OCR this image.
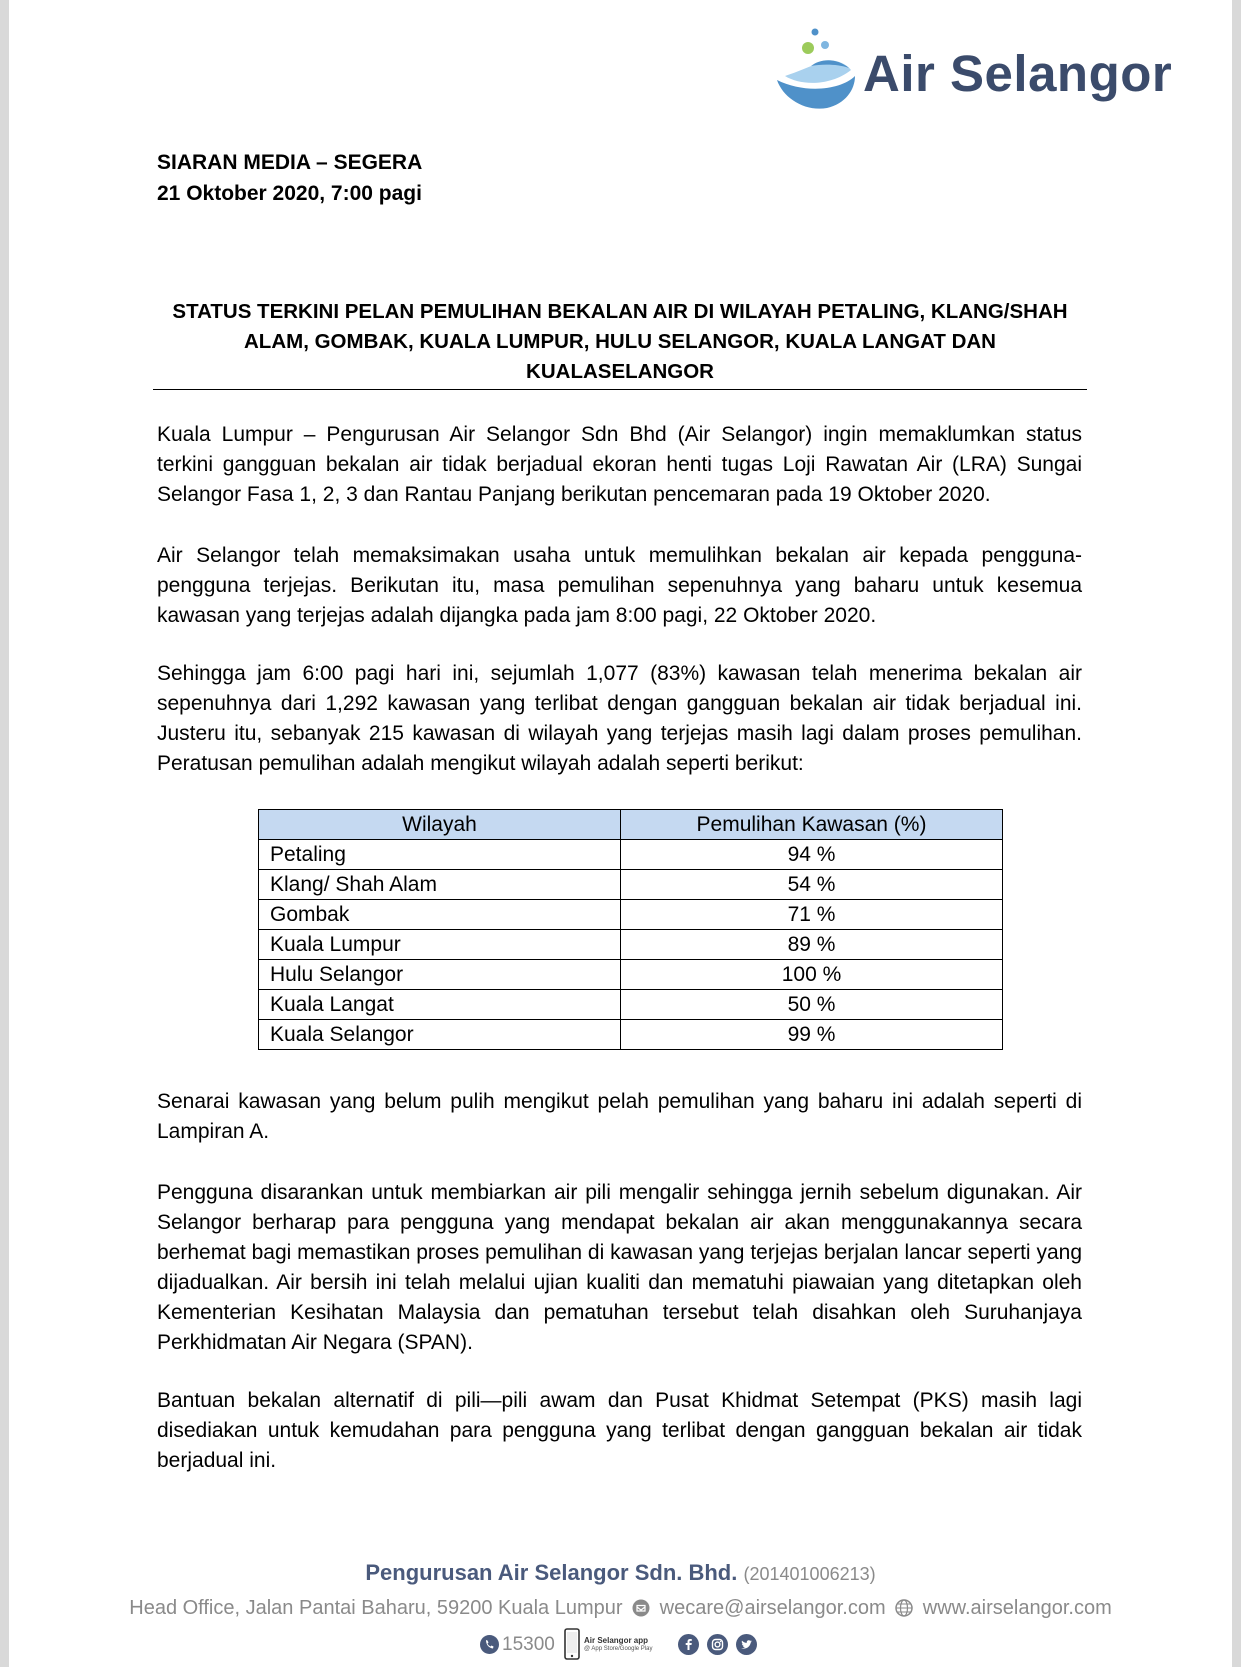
Air Selangor
SIARAN MEDIA – SEGERA
21 Oktober 2020, 7:00 pagi
STATUS TERKINI PELAN PEMULIHAN BEKALAN AIR DI WILAYAH PETALING, KLANG/SHAH ALAM, GOMBAK, KUALA LUMPUR, HULU SELANGOR, KUALA LANGAT DAN KUALASELANGOR

Kuala Lumpur – Pengurusan Air Selangor Sdn Bhd (Air Selangor) ingin memaklumkan status terkini gangguan bekalan air tidak berjadual ekoran henti tugas Loji Rawatan Air (LRA) Sungai Selangor Fasa 1, 2, 3 dan Rantau Panjang berikutan pencemaran pada 19 Oktober 2020.

Air Selangor telah memaksimakan usaha untuk memulihkan bekalan air kepada pengguna-pengguna terjejas. Berikutan itu, masa pemulihan sepenuhnya yang baharu untuk kesemua kawasan yang terjejas adalah dijangka pada jam 8:00 pagi, 22 Oktober 2020.

Sehingga jam 6:00 pagi hari ini, sejumlah 1,077 (83%) kawasan telah menerima bekalan air sepenuhnya dari 1,292 kawasan yang terlibat dengan gangguan bekalan air tidak berjadual ini. Justeru itu, sebanyak 215 kawasan di wilayah yang terjejas masih lagi dalam proses pemulihan. Peratusan pemulihan adalah mengikut wilayah adalah seperti berikut:

Wilayah	Pemulihan Kawasan (%)
Petaling	94 %
Klang/ Shah Alam	54 %
Gombak	71 %
Kuala Lumpur	89 %
Hulu Selangor	100 %
Kuala Langat	50 %
Kuala Selangor	99 %

Senarai kawasan yang belum pulih mengikut pelah pemulihan yang baharu ini adalah seperti di Lampiran A.

Pengguna disarankan untuk membiarkan air pili mengalir sehingga jernih sebelum digunakan. Air Selangor berharap para pengguna yang mendapat bekalan air akan menggunakannya secara berhemat bagi memastikan proses pemulihan di kawasan yang terjejas berjalan lancar seperti yang dijadualkan. Air bersih ini telah melalui ujian kualiti dan mematuhi piawaian yang ditetapkan oleh Kementerian Kesihatan Malaysia dan pematuhan tersebut telah disahkan oleh Suruhanjaya Perkhidmatan Air Negara (SPAN).

Bantuan bekalan alternatif di pili—pili awam dan Pusat Khidmat Setempat (PKS) masih lagi disediakan untuk kemudahan para pengguna yang terlibat dengan gangguan bekalan air tidak berjadual ini.

Pengurusan Air Selangor Sdn. Bhd. (201401006213)
Head Office, Jalan Pantai Baharu, 59200 Kuala Lumpur wecare@airselangor.com www.airselangor.com
15300	Air Selangor app
@ App Store/Google Play
